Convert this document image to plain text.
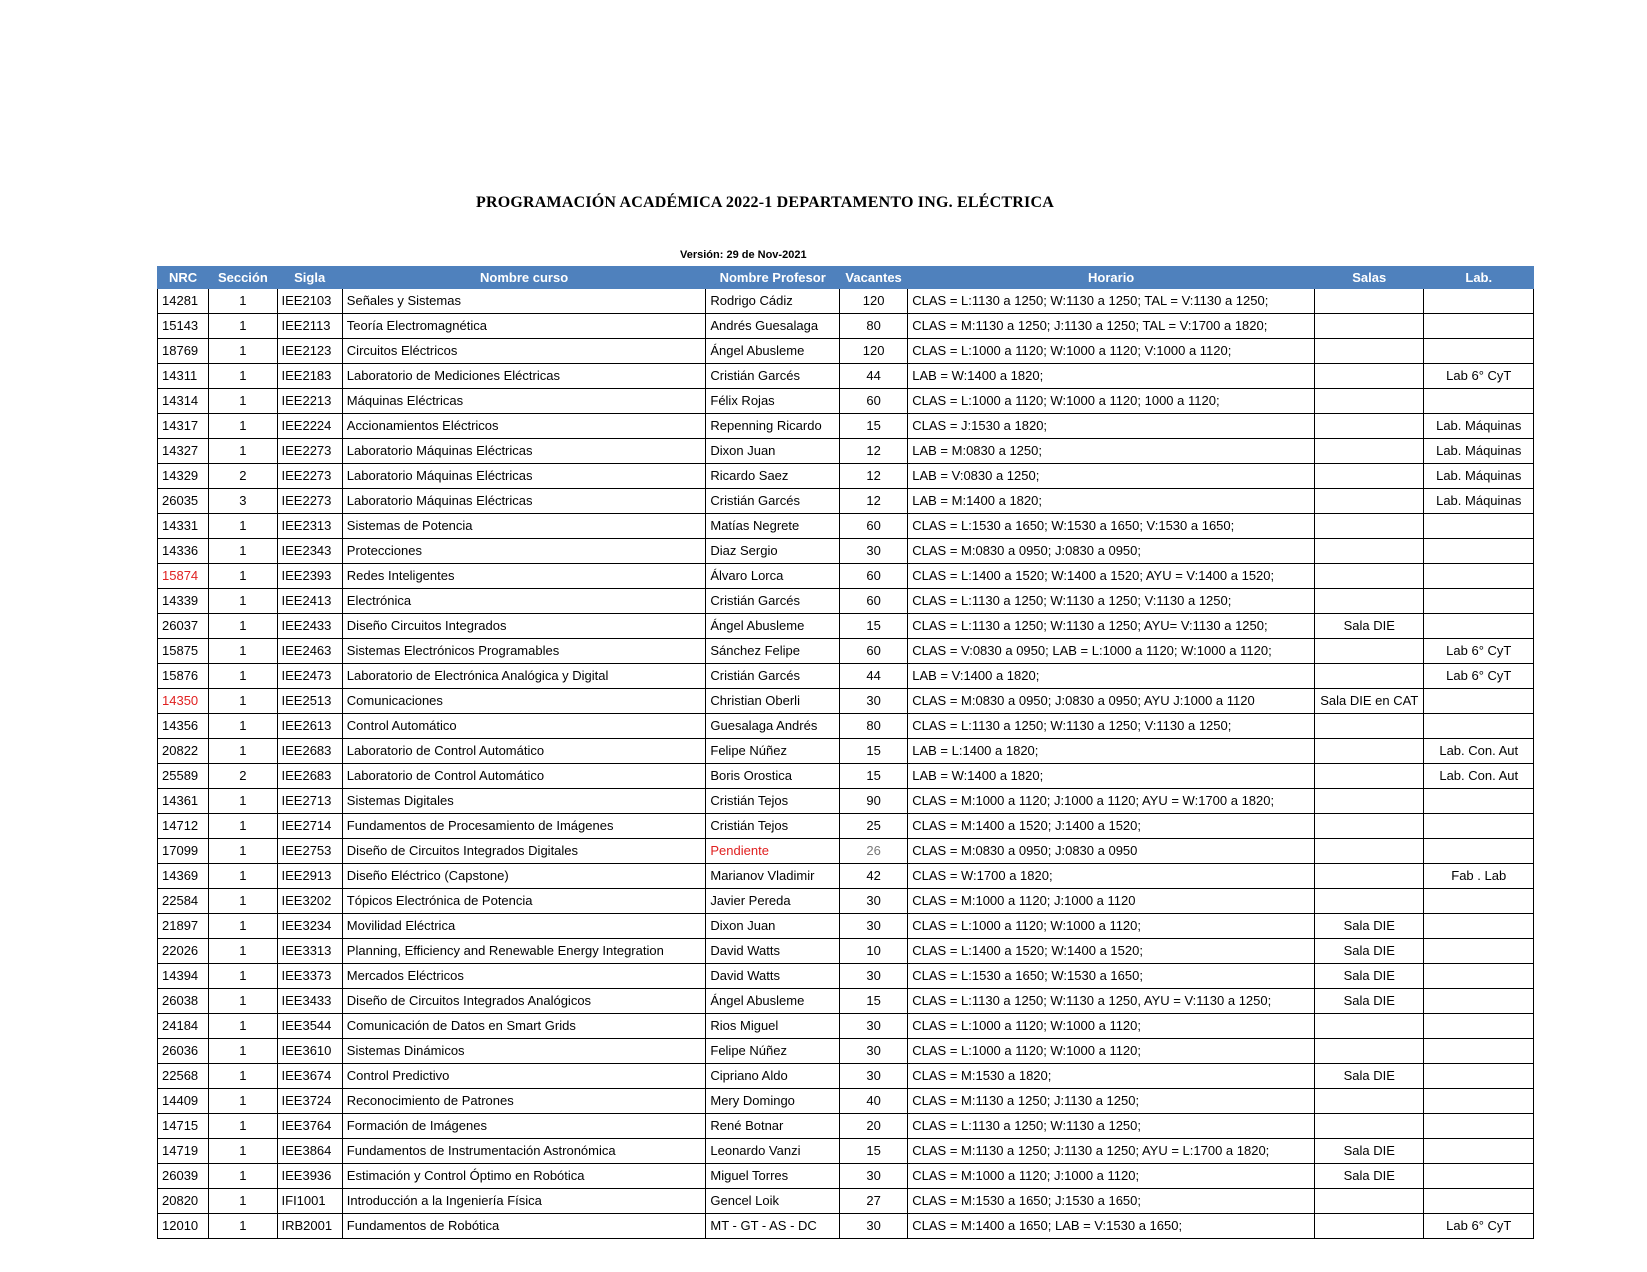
PROGRAMACIÓN ACADÉMICA 2022-1 DEPARTAMENTO ING. ELÉCTRICA
Versión: 29 de Nov-2021
NRC	Sección	Sigla	Nombre curso	Nombre Profesor	Vacantes	Horario	Salas	Lab.
14281	1	IEE2103	Señales y Sistemas	Rodrigo Cádiz	120	CLAS = L:1130 a 1250; W:1130 a 1250; TAL = V:1130 a 1250;		
15143	1	IEE2113	Teoría Electromagnética	Andrés Guesalaga	80	CLAS = M:1130 a 1250; J:1130 a 1250; TAL = V:1700 a 1820;		
18769	1	IEE2123	Circuitos Eléctricos	Ángel Abusleme	120	CLAS = L:1000 a 1120; W:1000 a 1120; V:1000 a 1120;		
14311	1	IEE2183	Laboratorio de Mediciones Eléctricas	Cristián Garcés	44	LAB = W:1400 a 1820;		Lab 6° CyT
14314	1	IEE2213	Máquinas Eléctricas	Félix Rojas	60	CLAS = L:1000 a 1120; W:1000 a 1120; 1000 a 1120;		
14317	1	IEE2224	Accionamientos Eléctricos	Repenning Ricardo	15	CLAS = J:1530 a 1820;		Lab. Máquinas
14327	1	IEE2273	Laboratorio Máquinas Eléctricas	Dixon Juan	12	LAB = M:0830 a 1250;		Lab. Máquinas
14329	2	IEE2273	Laboratorio Máquinas Eléctricas	Ricardo Saez	12	LAB = V:0830 a 1250;		Lab. Máquinas
26035	3	IEE2273	Laboratorio Máquinas Eléctricas	Cristián Garcés	12	LAB = M:1400 a 1820;		Lab. Máquinas
14331	1	IEE2313	Sistemas de Potencia	Matías Negrete	60	CLAS = L:1530 a 1650; W:1530 a 1650; V:1530 a 1650;		
14336	1	IEE2343	Protecciones	Diaz Sergio	30	CLAS = M:0830 a 0950; J:0830 a 0950;		
15874	1	IEE2393	Redes Inteligentes	Álvaro Lorca	60	CLAS = L:1400 a 1520; W:1400 a 1520; AYU = V:1400 a 1520;		
14339	1	IEE2413	Electrónica	Cristián Garcés	60	CLAS = L:1130 a 1250; W:1130 a 1250; V:1130 a 1250;		
26037	1	IEE2433	Diseño Circuitos Integrados	Ángel Abusleme	15	CLAS = L:1130 a 1250; W:1130 a 1250; AYU= V:1130 a 1250;	Sala DIE	
15875	1	IEE2463	Sistemas Electrónicos Programables	Sánchez Felipe	60	CLAS = V:0830 a 0950; LAB = L:1000 a 1120; W:1000 a 1120;		Lab 6° CyT
15876	1	IEE2473	Laboratorio de Electrónica Analógica y Digital	Cristián Garcés	44	LAB = V:1400 a 1820;		Lab 6° CyT
14350	1	IEE2513	Comunicaciones	Christian Oberli	30	CLAS = M:0830 a 0950; J:0830 a 0950; AYU J:1000 a 1120	Sala DIE en CAT	
14356	1	IEE2613	Control Automático	Guesalaga Andrés	80	CLAS = L:1130 a 1250; W:1130 a 1250; V:1130 a 1250;		
20822	1	IEE2683	Laboratorio de Control Automático	Felipe Núñez	15	LAB = L:1400 a 1820;		Lab. Con. Aut
25589	2	IEE2683	Laboratorio de Control Automático	Boris Orostica	15	LAB = W:1400 a 1820;		Lab. Con. Aut
14361	1	IEE2713	Sistemas Digitales	Cristián Tejos	90	CLAS = M:1000 a 1120; J:1000 a 1120; AYU = W:1700 a 1820;		
14712	1	IEE2714	Fundamentos de Procesamiento de Imágenes	Cristián Tejos	25	CLAS = M:1400 a 1520; J:1400 a 1520;		
17099	1	IEE2753	Diseño de Circuitos Integrados Digitales	Pendiente	26	CLAS = M:0830 a 0950; J:0830 a 0950		
14369	1	IEE2913	Diseño Eléctrico (Capstone)	Marianov Vladimir	42	CLAS = W:1700 a 1820;		Fab . Lab
22584	1	IEE3202	Tópicos Electrónica de Potencia	Javier Pereda	30	CLAS = M:1000 a 1120; J:1000 a 1120		
21897	1	IEE3234	Movilidad Eléctrica	Dixon Juan	30	CLAS = L:1000 a 1120; W:1000 a 1120;	Sala DIE	
22026	1	IEE3313	Planning, Efficiency and Renewable Energy Integration	David Watts	10	CLAS = L:1400 a 1520; W:1400 a 1520;	Sala DIE	
14394	1	IEE3373	Mercados Eléctricos	David Watts	30	CLAS = L:1530 a 1650; W:1530 a 1650;	Sala DIE	
26038	1	IEE3433	Diseño de Circuitos Integrados Analógicos	Ángel Abusleme	15	CLAS = L:1130 a 1250; W:1130 a 1250, AYU = V:1130 a 1250;	Sala DIE	
24184	1	IEE3544	Comunicación de Datos en Smart Grids	Rios Miguel	30	CLAS = L:1000 a 1120; W:1000 a 1120;		
26036	1	IEE3610	Sistemas Dinámicos	Felipe Núñez	30	CLAS = L:1000 a 1120; W:1000 a 1120;		
22568	1	IEE3674	Control Predictivo	Cipriano Aldo	30	CLAS = M:1530 a 1820;	Sala DIE	
14409	1	IEE3724	Reconocimiento de Patrones	Mery Domingo	40	CLAS = M:1130 a 1250; J:1130 a 1250;		
14715	1	IEE3764	Formación de Imágenes	René Botnar	20	CLAS = L:1130 a 1250; W:1130 a 1250;		
14719	1	IEE3864	Fundamentos de Instrumentación Astronómica	Leonardo Vanzi	15	CLAS = M:1130 a 1250; J:1130 a 1250; AYU = L:1700 a 1820;	Sala DIE	
26039	1	IEE3936	Estimación y Control Óptimo en Robótica	Miguel Torres	30	CLAS = M:1000 a 1120; J:1000 a 1120;	Sala DIE	
20820	1	IFI1001	Introducción a la Ingeniería Física	Gencel Loik	27	CLAS = M:1530 a 1650; J:1530 a 1650;		
12010	1	IRB2001	Fundamentos de Robótica	MT - GT - AS - DC	30	CLAS = M:1400 a 1650; LAB = V:1530 a 1650;		Lab 6° CyT
